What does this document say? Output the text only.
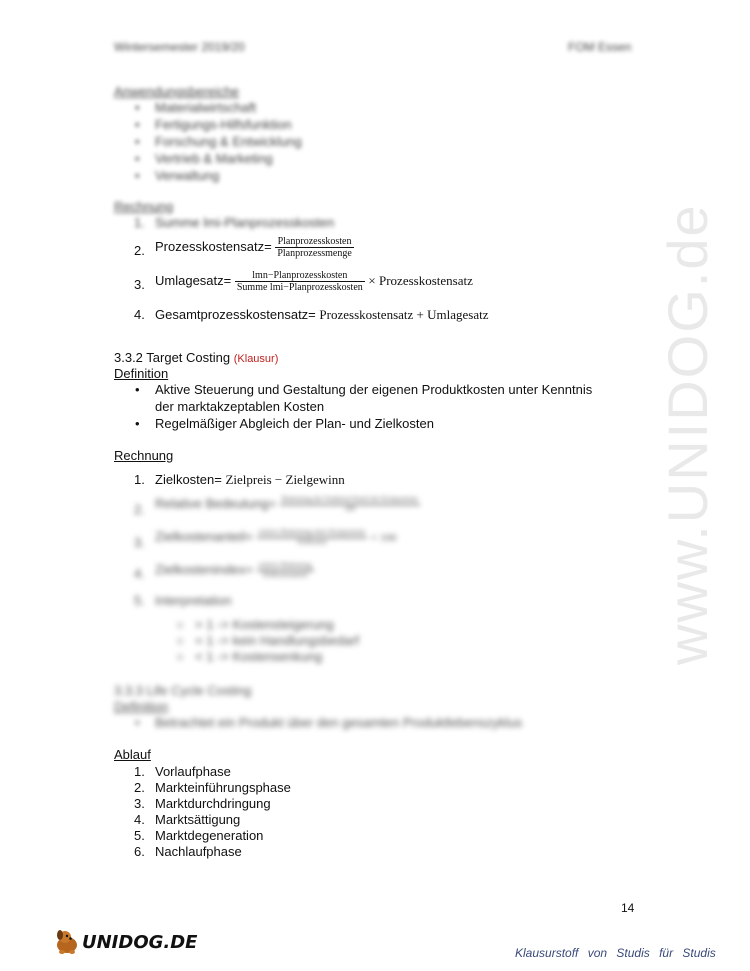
Wintersemester 2019/20	FOM Essen
www.UNIDOG.de
Anwendungsbereiche
• Materialwirtschaft
• Fertigungs-Hilfsfunktion
• Forschung & Entwicklung
• Vertrieb & Marketing
• Verwaltung
Rechnung
1. Summe lmi-Planprozesskosten
2. Prozesskostensatz= $\frac{\text{Planprozesskosten}}{\text{Planprozessmenge}}$
3. Umlagesatz= $\frac{\text{lmn−Planprozesskosten}}{\text{Summe lmi−Planprozesskosten}}$ × Prozesskostensatz
4. Gesamtprozesskostensatz= Prozesskostensatz + Umlagesatz
3.3.2 Target Costing (Klausur)
Definition
• Aktive Steuerung und Gestaltung der eigenen Produktkosten unter Kenntnis
der marktakzeptablen Kosten
• Regelmäßiger Abgleich der Plan- und Zielkosten
Rechnung
1. Zielkosten= Zielpreis − Zielgewinn
2. Relative Bedeutung= $\frac{\text{Bedeutung der Funktion/Anteil der Komponente}}{100}$
3. Zielkostenanteil= $\frac{\text{relative Bedeutung einer Komponente}}{\text{Zielkosten}} \times 100$
4. Zielkostenindex= $\frac{\text{relative Bedeutung}}{\text{Zielkostenanteil}}$
5. Interpretation
○ > 1 -> Kostensteigerung
○ = 1 -> kein Handlungsbedarf
○ < 1 -> Kostensenkung
3.3.3 Life Cycle Costing
Definition
• Betrachtet ein Produkt über den gesamten Produktlebenszyklus
Ablauf
1. Vorlaufphase
2. Markteinführungsphase
3. Marktdurchdringung
4. Marktsättigung
5. Marktdegeneration
6. Nachlaufphase
14
UNIDOG.DE
Klausurstoff von Studis für Studis
